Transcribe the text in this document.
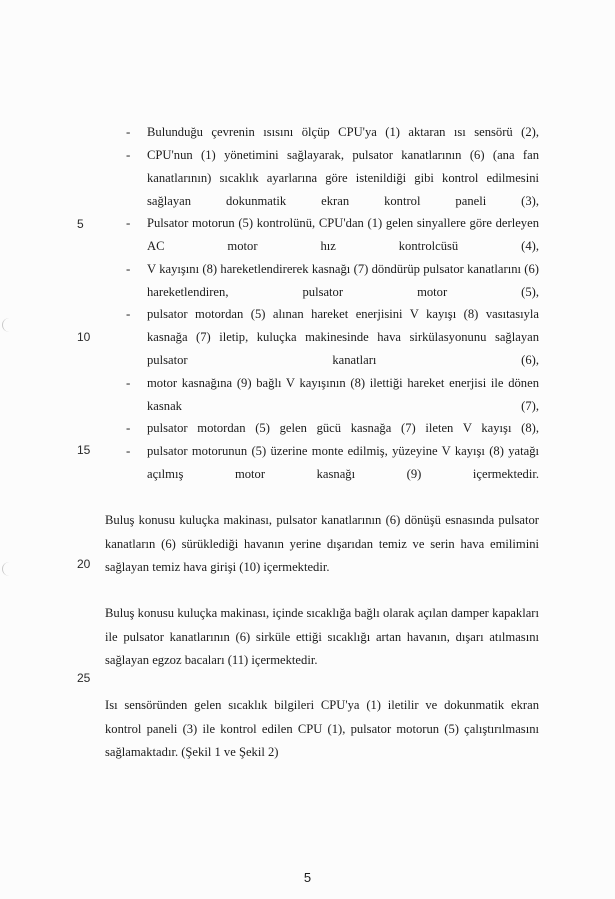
5
10
15
20
25
- Bulunduğu çevrenin ısısını ölçüp CPU'ya (1) aktaran ısı sensörü (2),
- CPU'nun (1) yönetimini sağlayarak, pulsator kanatlarının (6) (ana fan kanatlarının) sıcaklık ayarlarına göre istenildiği gibi kontrol edilmesini sağlayan dokunmatik ekran kontrol paneli (3),
- Pulsator motorun (5) kontrolünü, CPU'dan (1) gelen sinyallere göre derleyen AC motor hız kontrolcüsü (4),
- V kayışını (8) hareketlendirerek kasnağı (7) döndürüp pulsator kanatlarını (6) hareketlendiren, pulsator motor (5),
- pulsator motordan (5) alınan hareket enerjisini V kayışı (8) vasıtasıyla kasnağa (7) iletip, kuluçka makinesinde hava sirkülasyonunu sağlayan pulsator kanatları (6),
- motor kasnağına (9) bağlı V kayışının (8) ilettiği hareket enerjisi ile dönen kasnak (7),
- pulsator motordan (5) gelen gücü kasnağa (7) ileten V kayışı (8),
- pulsator motorunun (5) üzerine monte edilmiş, yüzeyine V kayışı (8) yatağı açılmış motor kasnağı (9) içermektedir.
Buluş konusu kuluçka makinası, pulsator kanatlarının (6) dönüşü esnasında pulsator kanatların (6) sürüklediği havanın yerine dışarıdan temiz ve serin hava emilimini sağlayan temiz hava girişi (10) içermektedir.
Buluş konusu kuluçka makinası, içinde sıcaklığa bağlı olarak açılan damper kapakları ile pulsator kanatlarının (6) sirküle ettiği sıcaklığı artan havanın, dışarı atılmasını sağlayan egzoz bacaları (11) içermektedir.
Isı sensöründen gelen sıcaklık bilgileri CPU'ya (1) iletilir ve dokunmatik ekran kontrol paneli (3) ile kontrol edilen CPU (1), pulsator motorun (5) çalıştırılmasını sağlamaktadır. (Şekil 1 ve Şekil 2)
5
